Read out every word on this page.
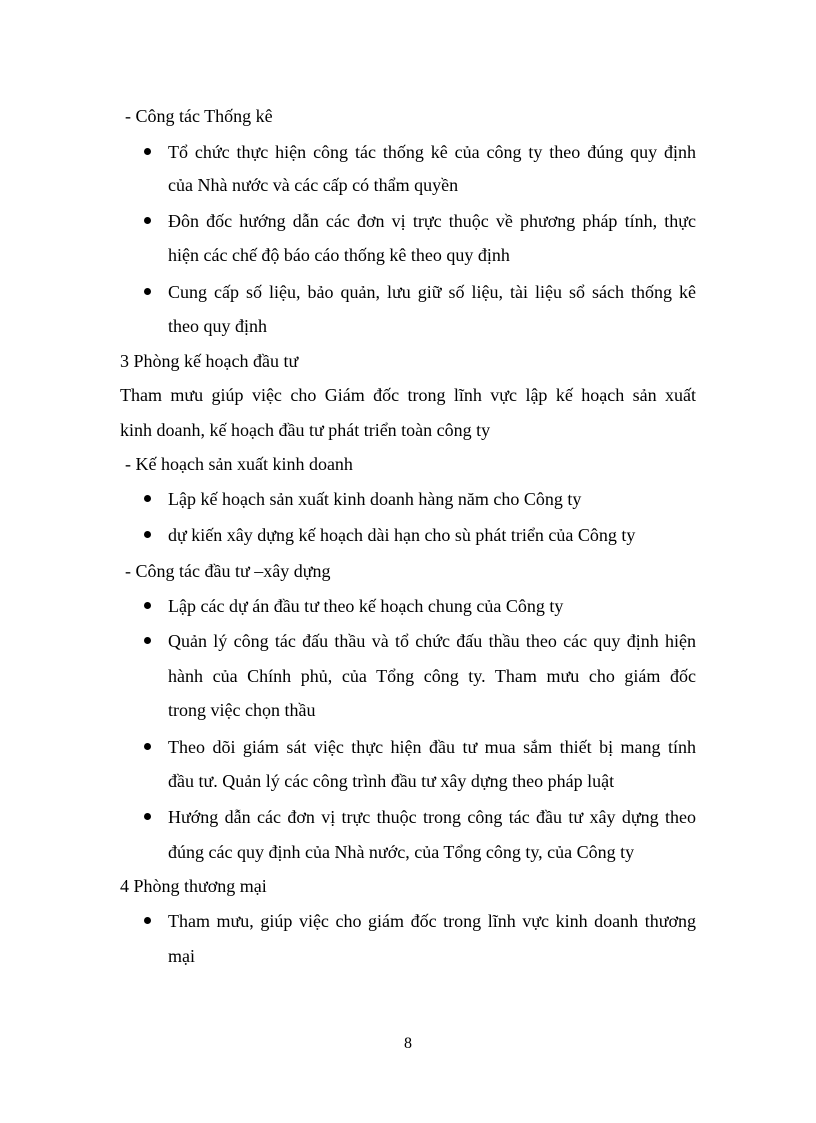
- Công tác Thống kê
Tổ chức thực hiện công tác thống kê của công ty theo đúng quy định
của Nhà nước và các cấp có thẩm quyền
Đôn đốc hướng dẫn các đơn vị trực thuộc về phương pháp tính, thực
hiện các chế độ báo cáo thống kê theo quy định
Cung cấp số liệu, bảo quản, lưu giữ số liệu, tài liệu sổ sách thống kê
theo quy định
3 Phòng kế hoạch đầu tư
Tham mưu giúp việc cho Giám đốc trong lĩnh vực lập kế hoạch sản xuất
kinh doanh, kế hoạch đầu tư phát triển toàn công ty
- Kế hoạch sản xuất kinh doanh
Lập kế hoạch sản xuất kinh doanh hàng năm cho Công ty
dự kiến xây dựng kế hoạch dài hạn cho sù phát triển của Công ty
- Công tác đầu tư –xây dựng
Lập các dự án đầu tư theo kế hoạch chung của Công ty
Quản lý công tác đấu thầu và tổ chức đấu thầu theo các quy định hiện
hành của Chính phủ, của Tổng công ty. Tham mưu cho giám đốc
trong việc chọn thầu
Theo dõi giám sát việc thực hiện đầu tư mua sắm thiết bị mang tính
đầu tư. Quản lý các công trình đầu tư xây dựng theo pháp luật
Hướng dẫn các đơn vị trực thuộc trong công tác đầu tư xây dựng theo
đúng các quy định của Nhà nước, của Tổng công ty, của Công ty
4 Phòng thương mại
Tham mưu, giúp việc cho giám đốc trong lĩnh vực kinh doanh thương
mại
8
